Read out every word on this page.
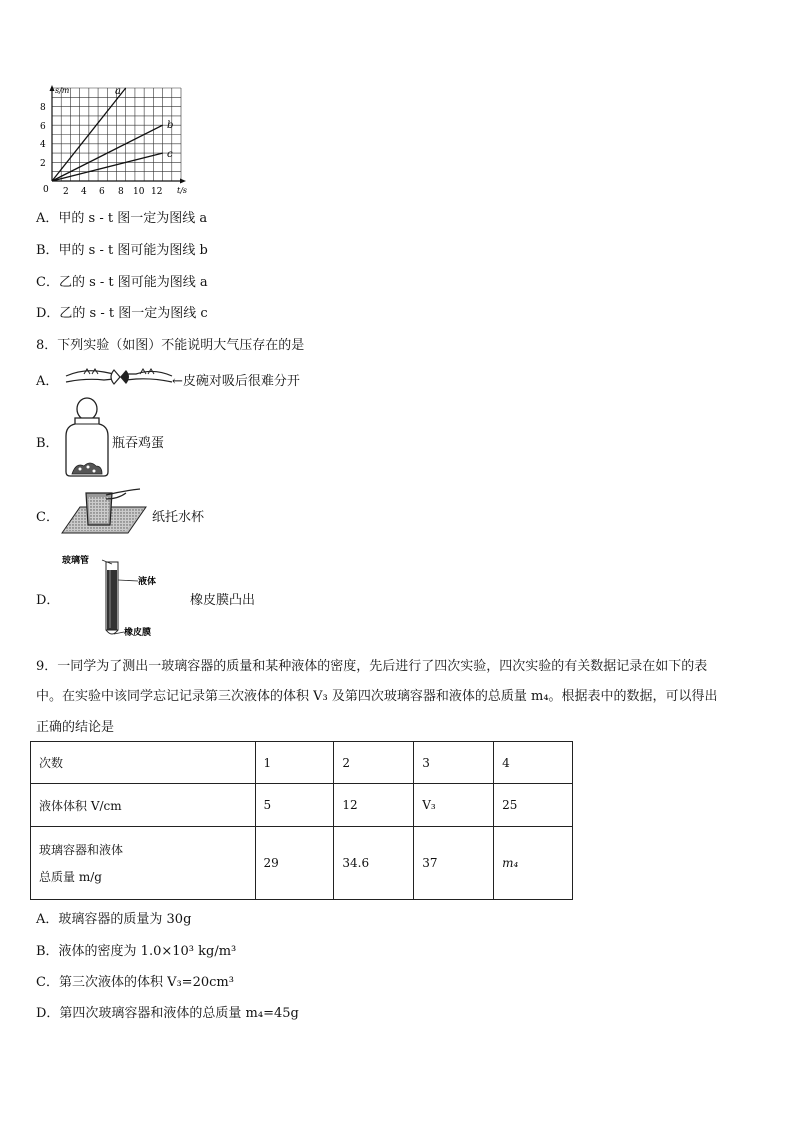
s/m
t/s
0
2
4
6
8
2 4 6 8 10 12
a
b
c
A．甲的 s - t 图一定为图线 a
B．甲的 s - t 图可能为图线 b
C．乙的 s - t 图可能为图线 a
D．乙的 s - t 图一定为图线 c
8．下列实验（如图）不能说明大气压存在的是
A．	←皮碗对吸后很难分开
B．	瓶吞鸡蛋
C．	纸托水杯
D．
玻璃管
液体
橡皮膜
橡皮膜凸出
9．一同学为了测出一玻璃容器的质量和某种液体的密度，先后进行了四次实验，四次实验的有关数据记录在如下的表
中。在实验中该同学忘记记录第三次液体的体积 V₃ 及第四次玻璃容器和液体的总质量 m₄。根据表中的数据，可以得出
正确的结论是
次数	1	2	3	4
液体体积 V/cm	5	12	V₃	25

玻璃容器和液体
总质量 m/g	29	34.6	37	m₄
A．玻璃容器的质量为 30g
B．液体的密度为 1.0×10³ kg/m³
C．第三次液体的体积 V₃=20cm³
D．第四次玻璃容器和液体的总质量 m₄=45g
